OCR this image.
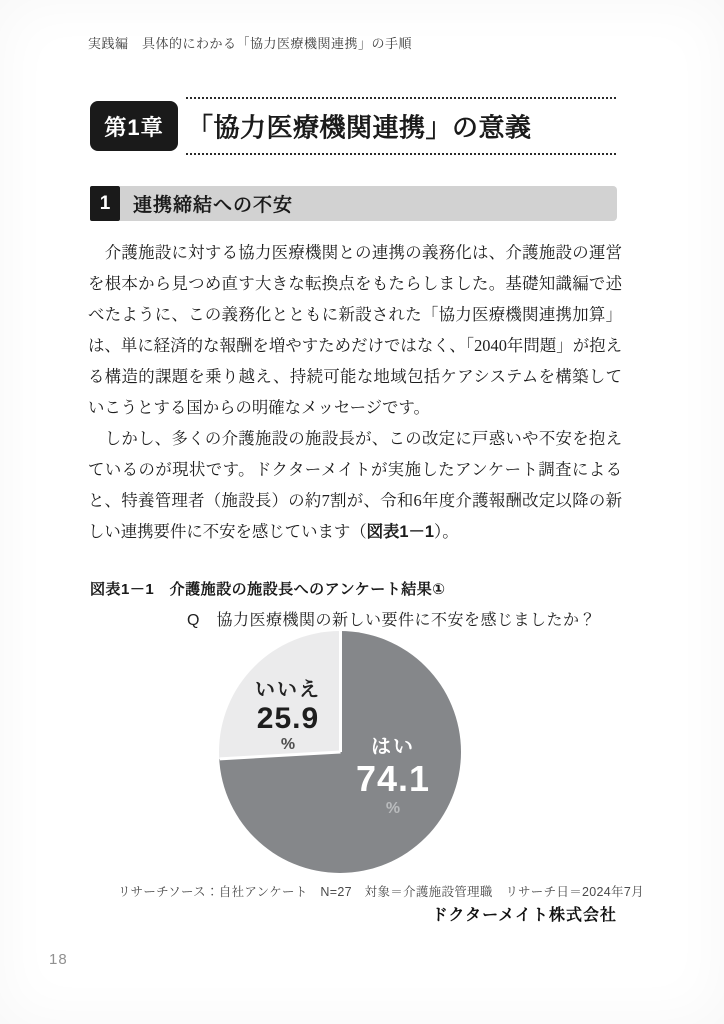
実践編　具体的にわかる「協力医療機関連携」の手順
第1章 「協力医療機関連携」の意義
1	連携締結への不安

　介護施設に対する協力医療機関との連携の義務化は、介護施設の運営を根本から見つめ直す大きな転換点をもたらしました。基礎知識編で述べたように、この義務化とともに新設された「協力医療機関連携加算」は、単に経済的な報酬を増やすためだけではなく、「2040年問題」が抱える構造的課題を乗り越え、持続可能な地域包括ケアシステムを構築していこうとする国からの明確なメッセージです。

　しかし、多くの介護施設の施設長が、この改定に戸惑いや不安を抱えているのが現状です。ドクターメイトが実施したアンケート調査によると、特養管理者（施設長）の約7割が、令和6年度介護報酬改定以降の新しい連携要件に不安を感じています（図表1－1）。

図表1－1　介護施設の施設長へのアンケート結果①
Q　協力医療機関の新しい要件に不安を感じましたか？
いいえ
25.9
%	はい
74.1
%
リサーチソース：自社アンケート　N=27　対象＝介護施設管理職　リサーチ日＝2024年7月
ドクターメイト株式会社
18
